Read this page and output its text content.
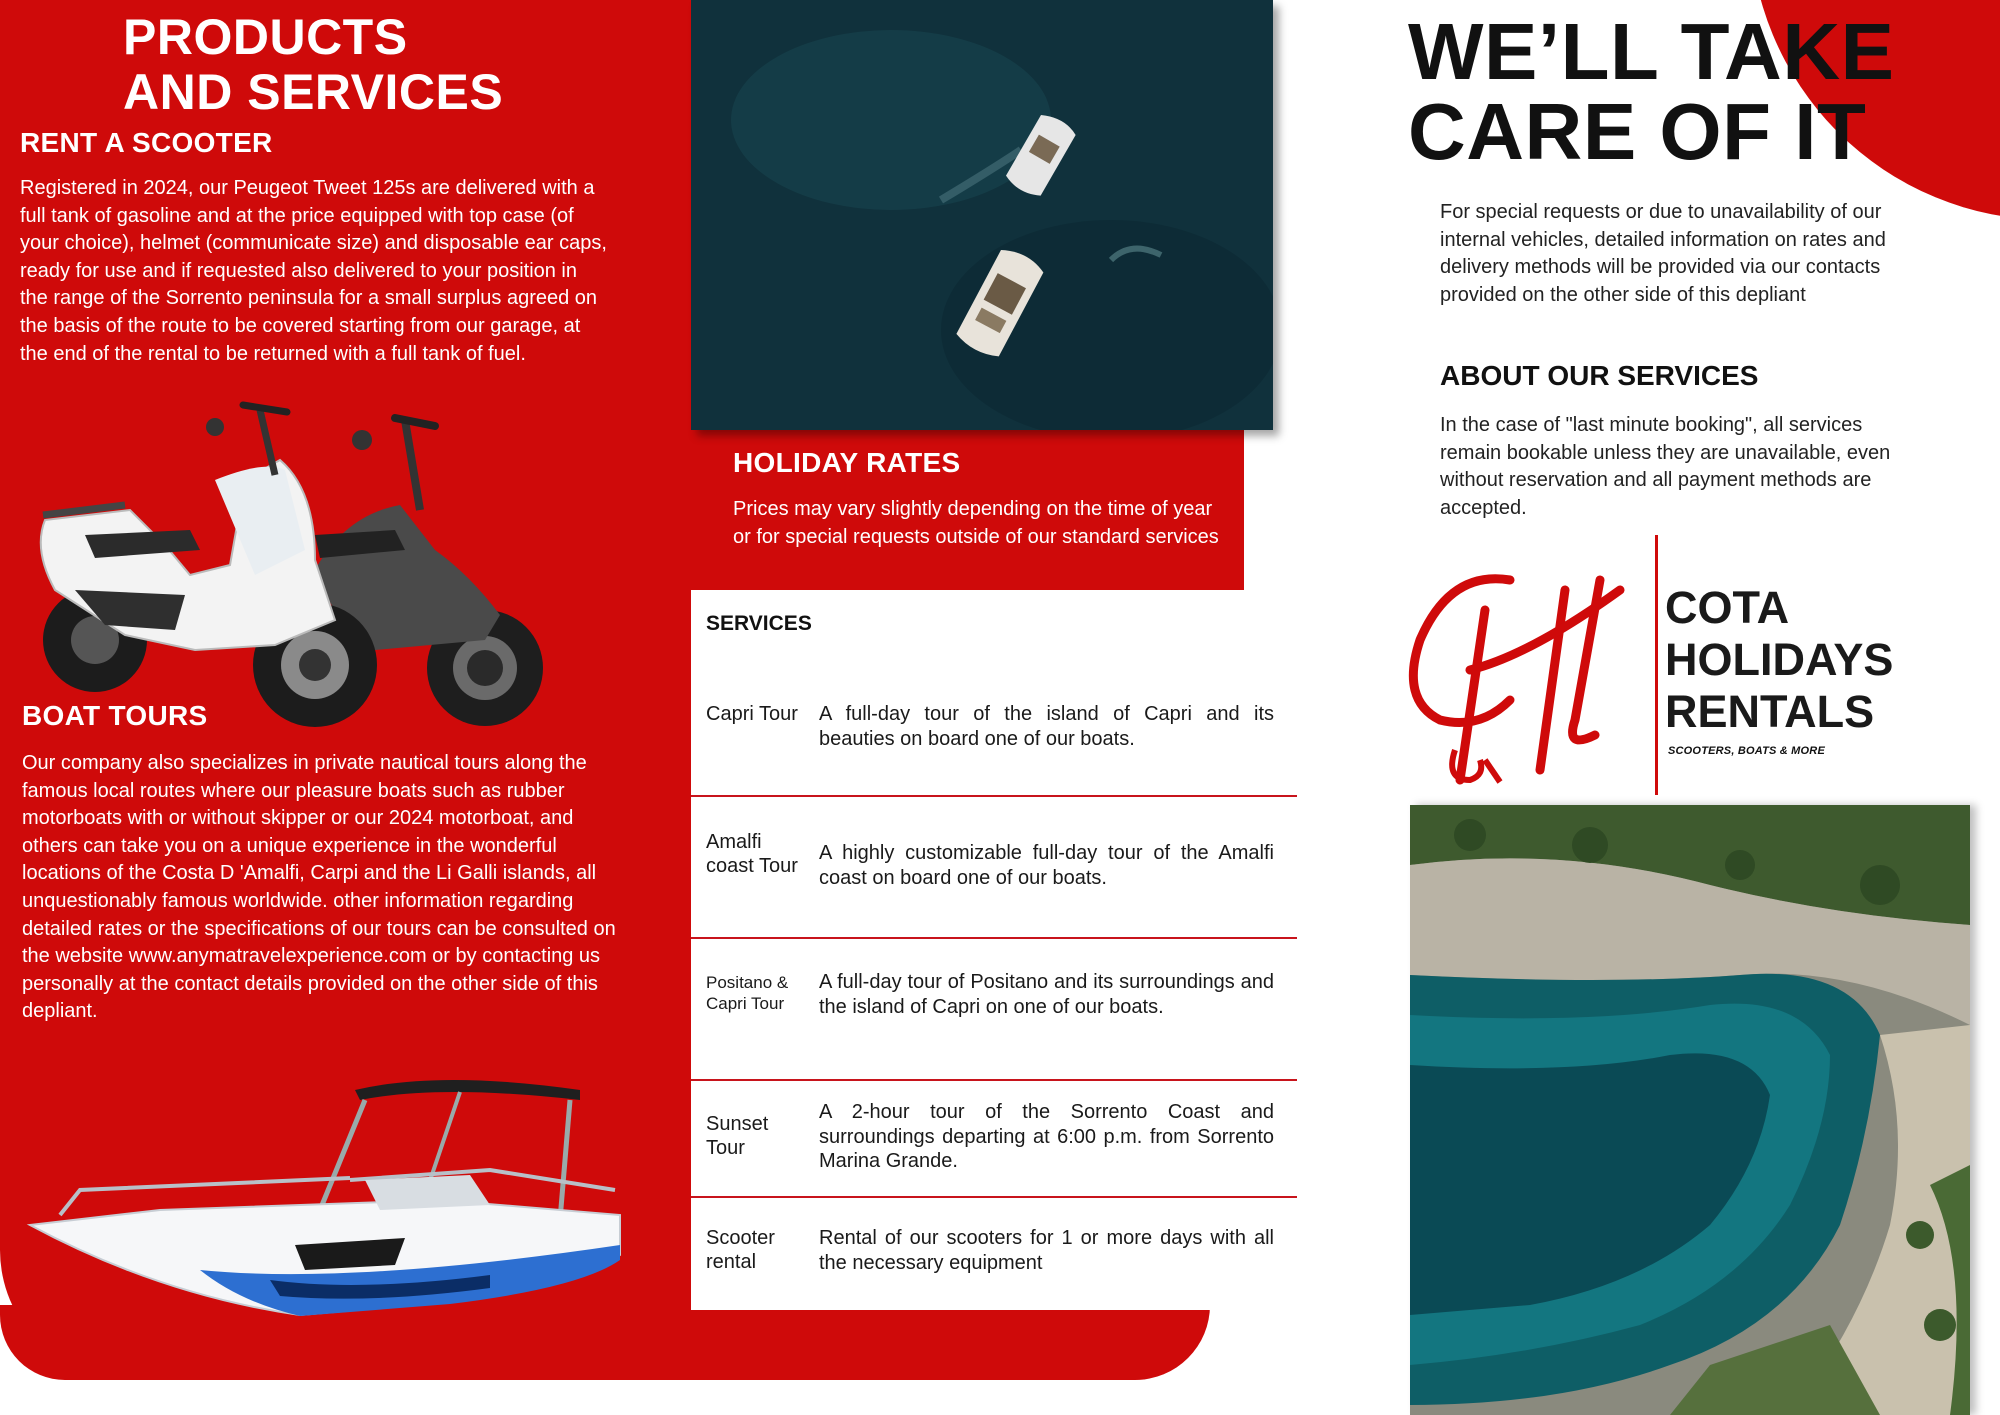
PRODUCTS
AND SERVICES
RENT A SCOOTER
Registered in 2024, our Peugeot Tweet 125s are delivered with a full tank of gasoline and at the price equipped with top case (of your choice), helmet (communicate size) and disposable ear caps, ready for use and if requested also delivered to your position in the range of the Sorrento peninsula for a small surplus agreed on the basis of the route to be covered starting from our garage, at the end of the rental to be returned with a full tank of fuel.
BOAT TOURS
Our company also specializes in private nautical tours along the famous local routes where our pleasure boats such as rubber motorboats with or without skipper or our 2024 motorboat, and others can take you on a unique experience in the wonderful locations of the Costa D 'Amalfi, Carpi and the Li Galli islands, all unquestionably famous worldwide. other information regarding detailed rates or the specifications of our tours can be consulted on the website www.anymatravelexperience.com or by contacting us personally at the contact details provided on the other side of this depliant.
HOLIDAY RATES
Prices may vary slightly depending on the time of year or for special requests outside of our standard services
SERVICES
Capri Tour A full-day tour of the island of Capri and its beauties on board one of our boats.
Amalfi coast Tour
A highly customizable full-day tour of the Amalfi coast on board one of our boats.
Positano & Capri Tour
A full-day tour of Positano and its surroundings and the island of Capri on one of our boats.
Sunset Tour
A 2-hour tour of the Sorrento Coast and surroundings departing at 6:00 p.m. from Sorrento Marina Grande.
Scooter rental
Rental of our scooters for 1 or more days with all the necessary equipment
WE’LL TAKE
CARE OF IT
For special requests or due to unavailability of our internal vehicles, detailed information on rates and delivery methods will be provided via our contacts provided on the other side of this depliant
ABOUT OUR SERVICES
In the case of "last minute booking", all services remain bookable unless they are unavailable, even without reservation and all payment methods are accepted.
COTA
HOLIDAYS
RENTALS
SCOOTERS, BOATS & MORE
